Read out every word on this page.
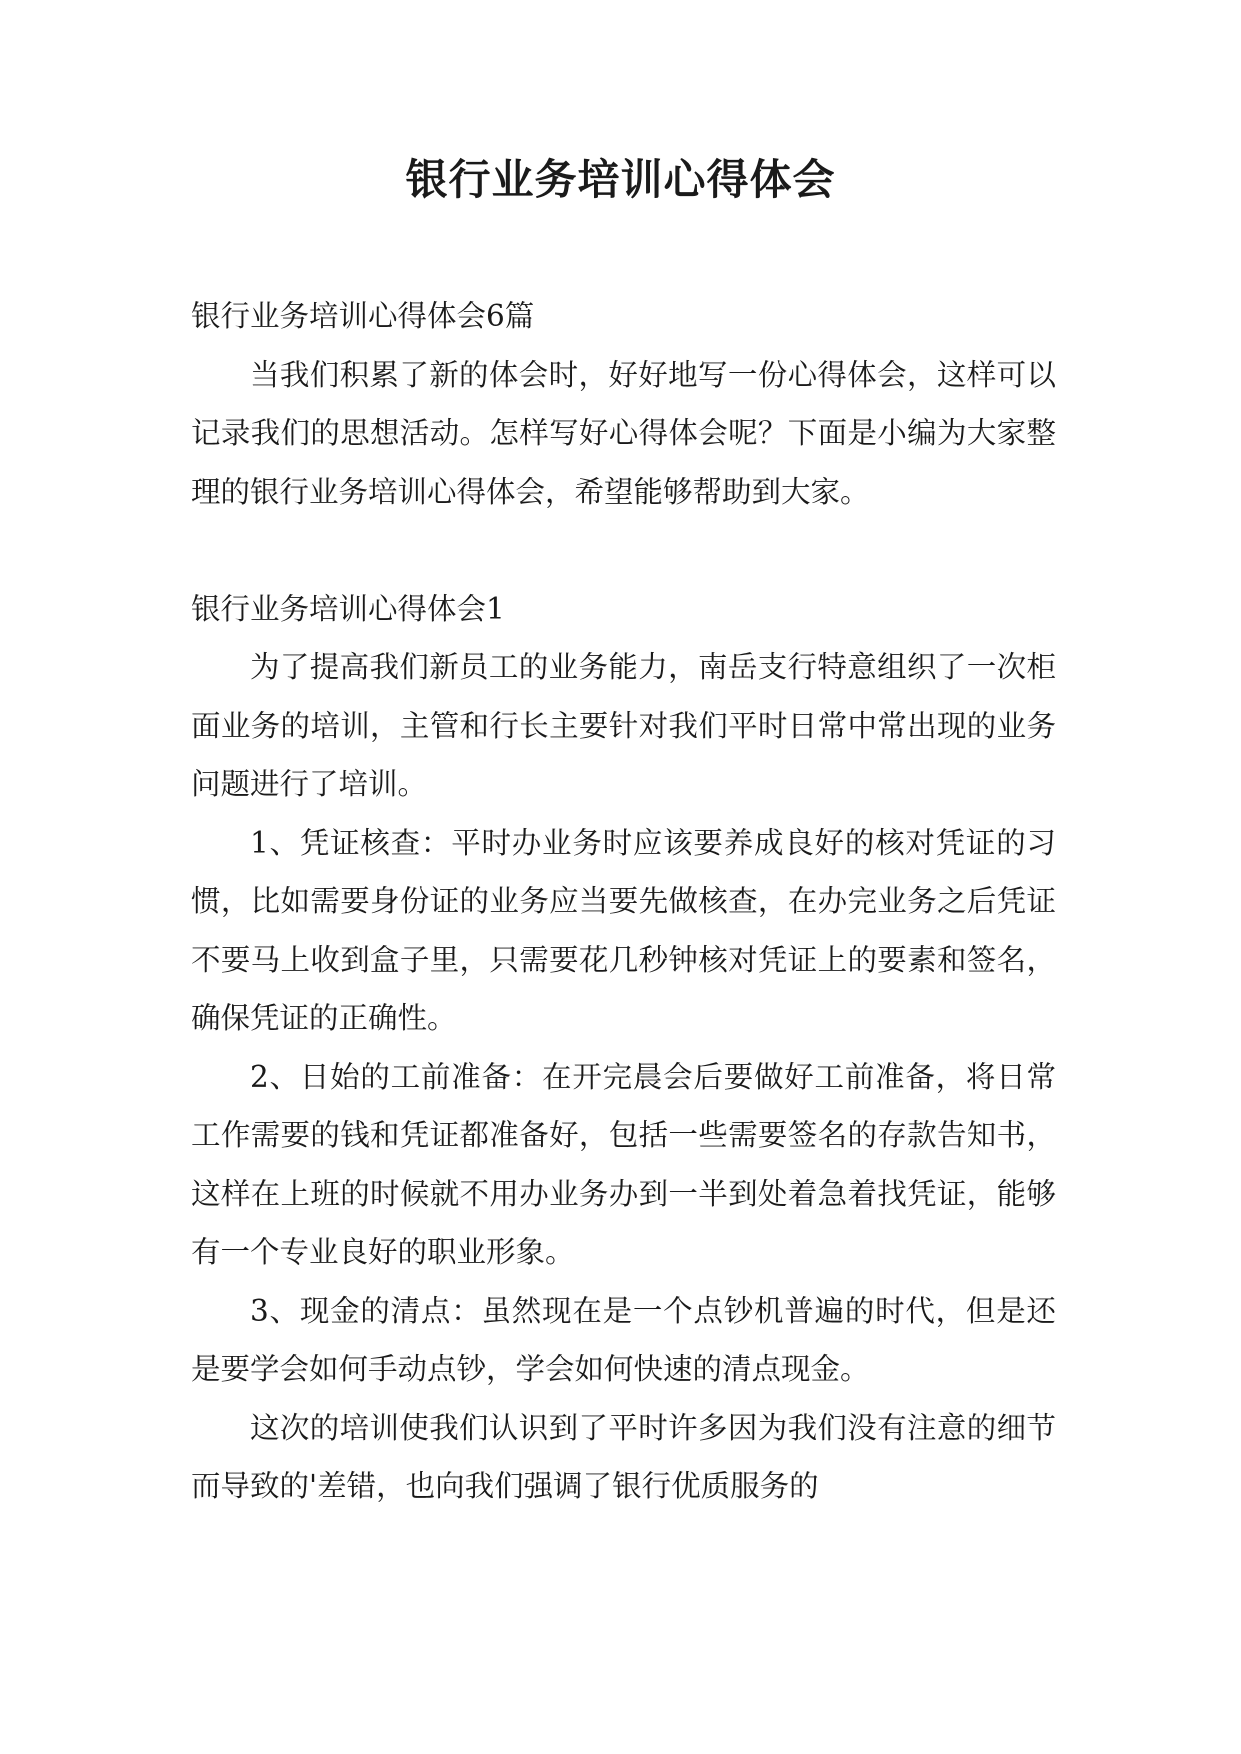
银行业务培训心得体会

银行业务培训心得体会6篇

当我们积累了新的体会时，好好地写一份心得体会，这样可以记录我们的思想活动。怎样写好心得体会呢？下面是小编为大家整理的银行业务培训心得体会，希望能够帮助到大家。

银行业务培训心得体会1

为了提高我们新员工的业务能力，南岳支行特意组织了一次柜面业务的培训，主管和行长主要针对我们平时日常中常出现的业务问题进行了培训。

1、凭证核查：平时办业务时应该要养成良好的核对凭证的习惯，比如需要身份证的业务应当要先做核查，在办完业务之后凭证不要马上收到盒子里，只需要花几秒钟核对凭证上的要素和签名，确保凭证的正确性。

2、日始的工前准备：在开完晨会后要做好工前准备，将日常工作需要的钱和凭证都准备好，包括一些需要签名的存款告知书，这样在上班的时候就不用办业务办到一半到处着急着找凭证，能够有一个专业良好的职业形象。

3、现金的清点：虽然现在是一个点钞机普遍的时代，但是还是要学会如何手动点钞，学会如何快速的清点现金。

这次的培训使我们认识到了平时许多因为我们没有注意的细节而导致的'差错，也向我们强调了银行优质服务的
